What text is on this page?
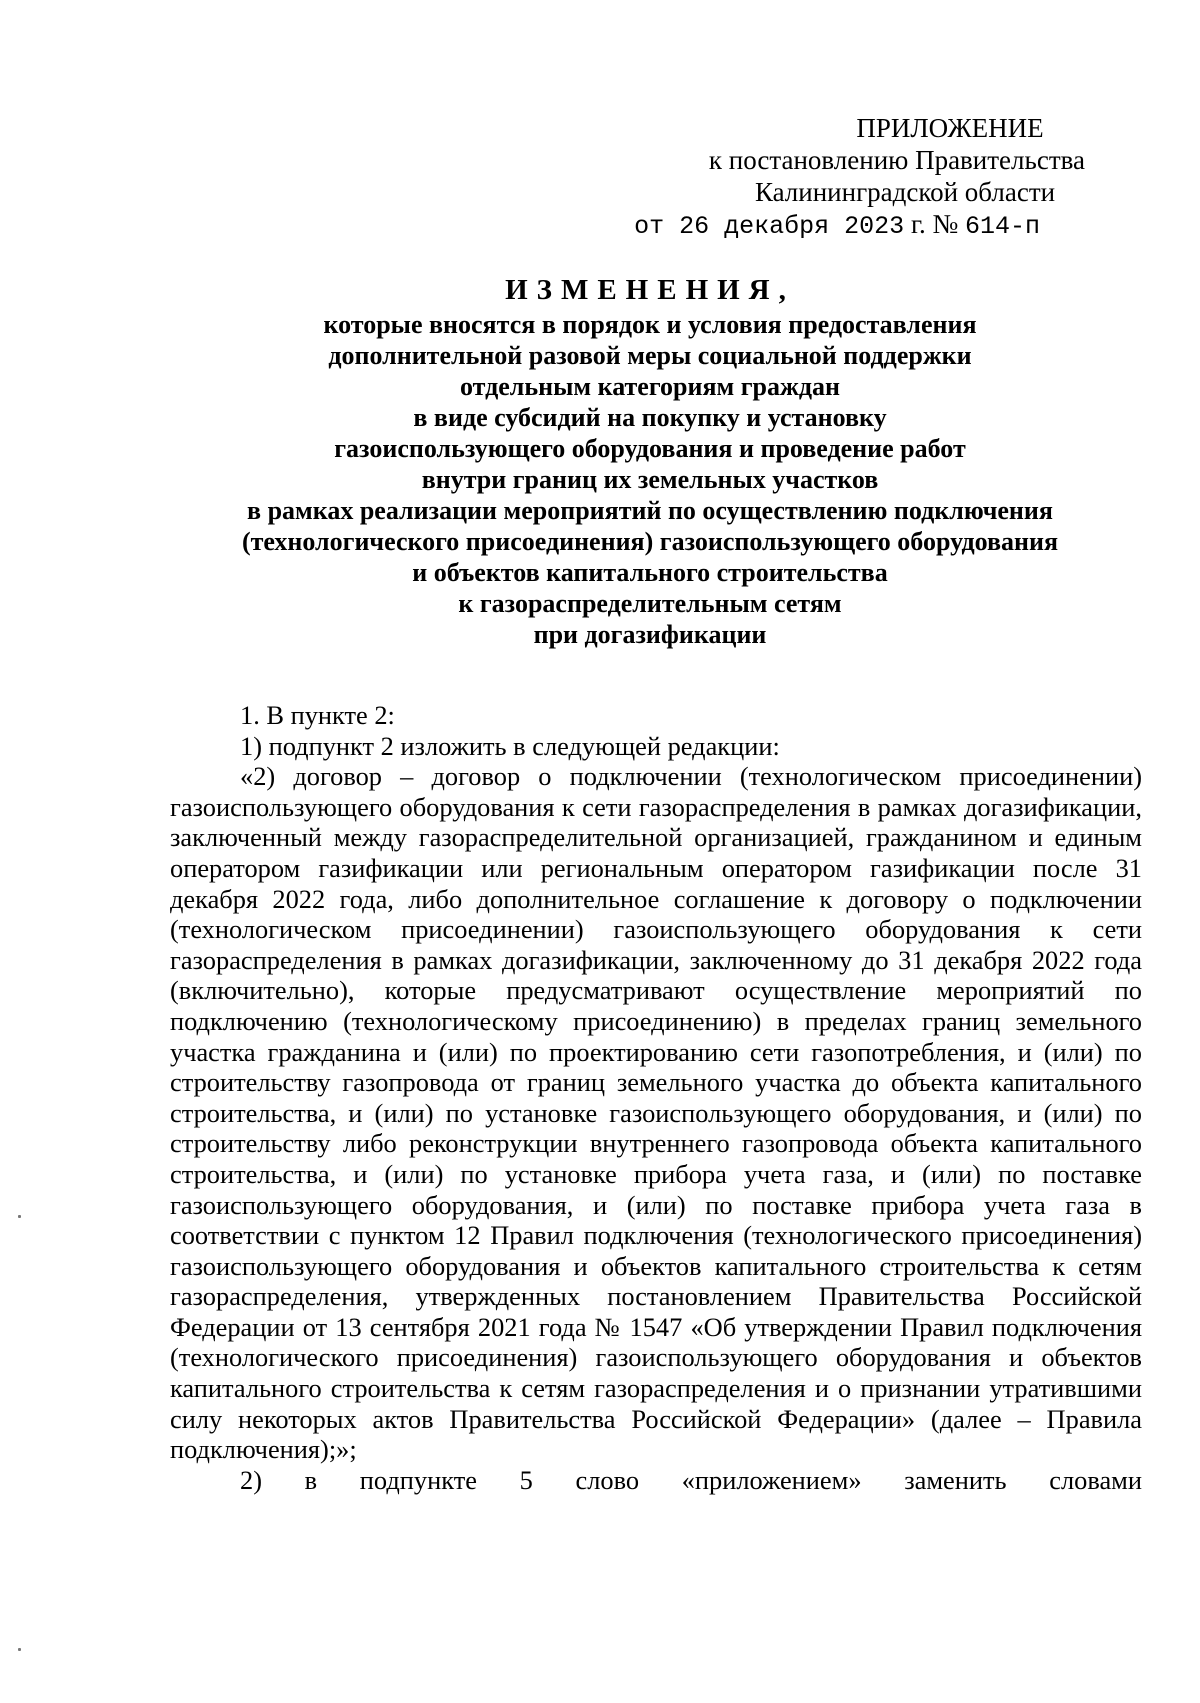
ПРИЛОЖЕНИЕ
к постановлению Правительства
Калининградской области
от 26 декабря 2023 г. № 614-п
ИЗМЕНЕНИЯ,
которые вносятся в порядок и условия предоставления
дополнительной разовой меры социальной поддержки
отдельным категориям граждан
в виде субсидий на покупку и установку
газоиспользующего оборудования и проведение работ
внутри границ их земельных участков
в рамках реализации мероприятий по осуществлению подключения
(технологического присоединения) газоиспользующего оборудования
и объектов капитального строительства
к газораспределительным сетям
при догазификации

1. В пункте 2:

1) подпункт 2 изложить в следующей редакции:

«2) договор – договор о подключении (технологическом присоединении) газоиспользующего оборудования к сети газораспределения в рамках догазификации, заключенный между газораспределительной организацией, гражданином и единым оператором газификации или региональным оператором газификации после 31 декабря 2022 года, либо дополнительное соглашение к договору о подключении (технологическом присоединении) газоиспользующего оборудования к сети газораспределения в рамках догазификации, заключенному до 31 декабря 2022 года (включительно), которые предусматривают осуществление мероприятий по подключению (технологическому присоединению) в пределах границ земельного участка гражданина и (или) по проектированию сети газопотребления, и (или) по строительству газопровода от границ земельного участка до объекта капитального строительства, и (или) по установке газоиспользующего оборудования, и (или) по строительству либо реконструкции внутреннего газопровода объекта капитального строительства, и (или) по установке прибора учета газа, и (или) по поставке газоиспользующего оборудования, и (или) по поставке прибора учета газа в соответствии с пунктом 12 Правил подключения (технологического присоединения) газоиспользующего оборудования и объектов капитального строительства к сетям газораспределения, утвержденных постановлением Правительства Российской Федерации от 13 сентября 2021 года № 1547 «Об утверждении Правил подключения (технологического присоединения) газоиспользующего оборудования и объектов капитального строительства к сетям газораспределения и о признании утратившими силу некоторых актов Правительства Российской Федерации» (далее – Правила подключения);»;

2) в подпункте 5 слово «приложением» заменить словами
